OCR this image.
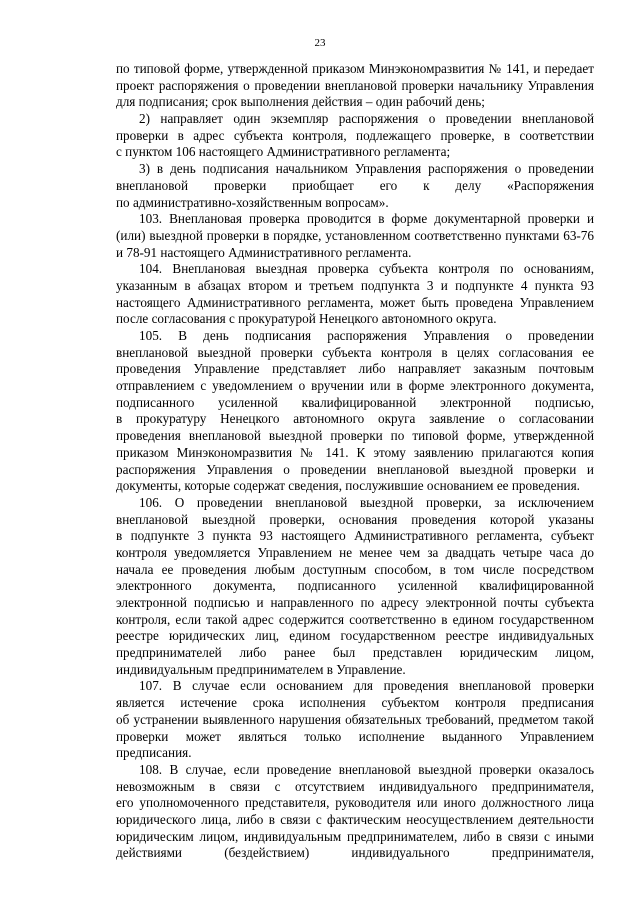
23
по типовой форме, утвержденной приказом Минэкономразвития № 141, и передает
проект распоряжения о проведении внеплановой проверки начальнику Управления
для подписания; срок выполнения действия – один рабочий день;
2) направляет один экземпляр распоряжения о проведении внеплановой
проверки в адрес субъекта контроля, подлежащего проверке, в соответствии
с пунктом 106 настоящего Административного регламента;
3) в день подписания начальником Управления распоряжения о проведении
внеплановой проверки приобщает его к делу «Распоряжения
по административно-хозяйственным вопросам».
103. Внеплановая проверка проводится в форме документарной проверки и
(или) выездной проверки в порядке, установленном соответственно пунктами 63-76
и 78-91 настоящего Административного регламента.
104. Внеплановая выездная проверка субъекта контроля по основаниям,
указанным в абзацах втором и третьем подпункта 3 и подпункте 4 пункта 93
настоящего Административного регламента, может быть проведена Управлением
после согласования с прокуратурой Ненецкого автономного округа.
105. В день подписания распоряжения Управления о проведении
внеплановой выездной проверки субъекта контроля в целях согласования ее
проведения Управление представляет либо направляет заказным почтовым
отправлением с уведомлением о вручении или в форме электронного документа,
подписанного усиленной квалифицированной электронной подписью,
в прокуратуру Ненецкого автономного округа заявление о согласовании
проведения внеплановой выездной проверки по типовой форме, утвержденной
приказом Минэкономразвития № 141. К этому заявлению прилагаются копия
распоряжения Управления о проведении внеплановой выездной проверки и
документы, которые содержат сведения, послужившие основанием ее проведения.
106. О проведении внеплановой выездной проверки, за исключением
внеплановой выездной проверки, основания проведения которой указаны
в подпункте 3 пункта 93 настоящего Административного регламента, субъект
контроля уведомляется Управлением не менее чем за двадцать четыре часа до
начала ее проведения любым доступным способом, в том числе посредством
электронного документа, подписанного усиленной квалифицированной
электронной подписью и направленного по адресу электронной почты субъекта
контроля, если такой адрес содержится соответственно в едином государственном
реестре юридических лиц, едином государственном реестре индивидуальных
предпринимателей либо ранее был представлен юридическим лицом,
индивидуальным предпринимателем в Управление.
107. В случае если основанием для проведения внеплановой проверки
является истечение срока исполнения субъектом контроля предписания
об устранении выявленного нарушения обязательных требований, предметом такой
проверки может являться только исполнение выданного Управлением
предписания.
108. В случае, если проведение внеплановой выездной проверки оказалось
невозможным в связи с отсутствием индивидуального предпринимателя,
его уполномоченного представителя, руководителя или иного должностного лица
юридического лица, либо в связи с фактическим неосуществлением деятельности
юридическим лицом, индивидуальным предпринимателем, либо в связи с иными
действиями (бездействием) индивидуального предпринимателя,
